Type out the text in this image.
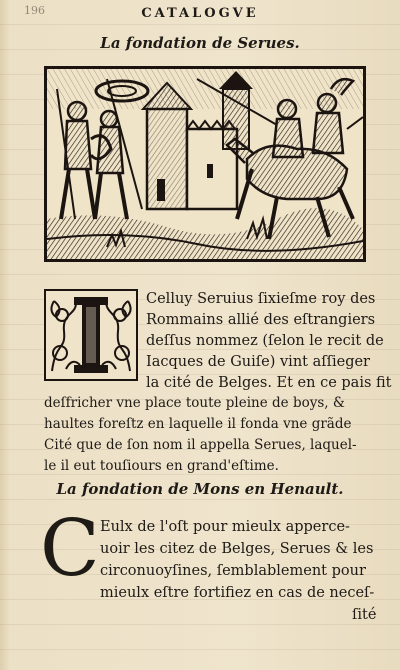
196	CATALOGVE
La fondation de Serues.
Celluy Seruius ſixieſme roy des
Rommains allié des eſtrangiers
deſſus nommez (ſelon le recit de
Iacques de Guiſe) vint aſſieger
la cité de Belges. Et en ce pais fit
deſfricher vne place toute pleine de boys, &
haultes foreſtz en laquelle il fonda vne grãde
Cité que de ſon nom il appella Serues, laquel-
le il eut touſiours en grand'eſtime.
La fondation de Mons en Henault.
C Eulx de l'oſt pour mieulx apperce-
uoir les citez de Belges, Serues & les
circonuoyſines, ſemblablement pour
mieulx eſtre fortifiez en cas de neceſ-
ſité
